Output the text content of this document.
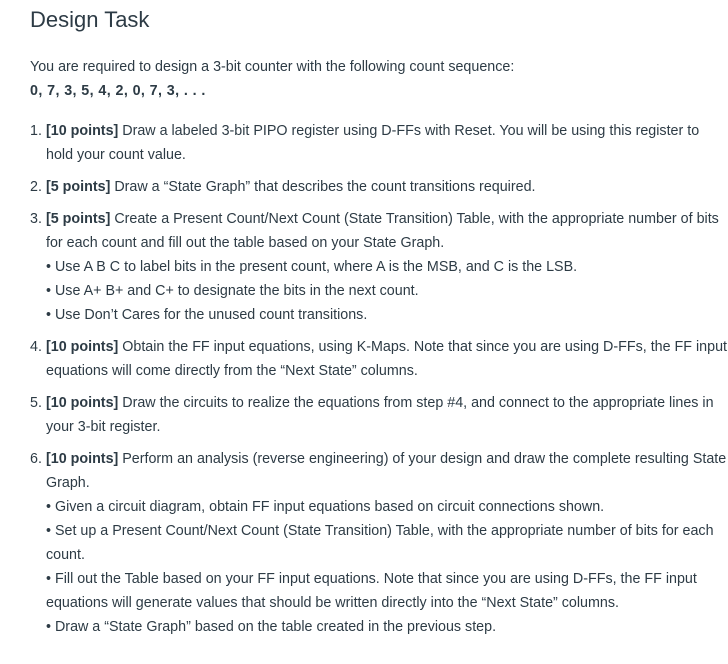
Design Task
You are required to design a 3-bit counter with the following count sequence:
0, 7, 3, 5, 4, 2, 0, 7, 3, . . .
1. [10 points] Draw a labeled 3-bit PIPO register using D-FFs with Reset. You will be using this register to hold your count value.
2. [5 points] Draw a “State Graph” that describes the count transitions required.
3. [5 points] Create a Present Count/Next Count (State Transition) Table, with the appropriate number of bits for each count and fill out the table based on your State Graph.
• Use A B C to label bits in the present count, where A is the MSB, and C is the LSB.
• Use A+ B+ and C+ to designate the bits in the next count.
• Use Don’t Cares for the unused count transitions.
4. [10 points] Obtain the FF input equations, using K-Maps. Note that since you are using D-FFs, the FF input equations will come directly from the “Next State” columns.
5. [10 points] Draw the circuits to realize the equations from step #4, and connect to the appropriate lines in your 3-bit register.
6. [10 points] Perform an analysis (reverse engineering) of your design and draw the complete resulting State Graph.
• Given a circuit diagram, obtain FF input equations based on circuit connections shown.
• Set up a Present Count/Next Count (State Transition) Table, with the appropriate number of bits for each count.
• Fill out the Table based on your FF input equations. Note that since you are using D-FFs, the FF input equations will generate values that should be written directly into the “Next State” columns.
• Draw a “State Graph” based on the table created in the previous step.
